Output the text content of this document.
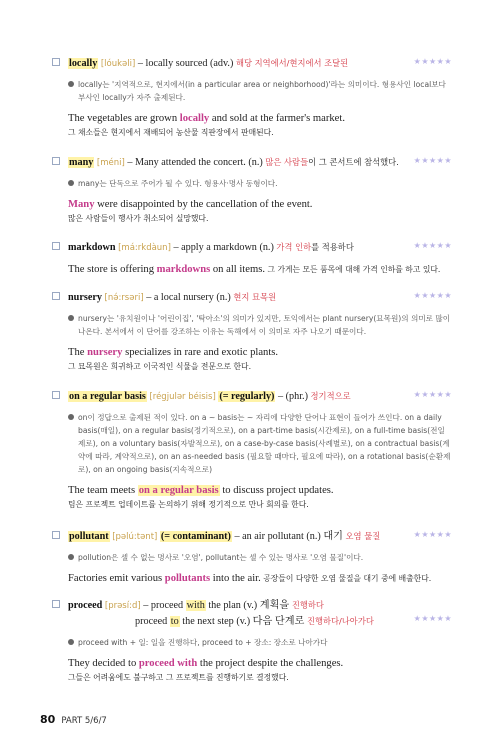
locally [lóukəli] – locally sourced (adv.) 해당 지역에서/현지에서 조달된	★★★★★
locally는 '지역적으로, 현지에서(in a particular area or neighborhood)'라는 의미이다. 형용사인 local보다 부사인 locally가 자주 출제된다.
The vegetables are grown locally and sold at the farmer's market.
그 채소들은 현지에서 재배되어 농산물 직판장에서 판매된다.
many [méni] – Many attended the concert. (n.) 많은 사람들이 그 콘서트에 참석했다.	★★★★★
many는 단독으로 주어가 될 수 있다. 형용사·명사 동형이다.
Many were disappointed by the cancellation of the event.
많은 사람들이 행사가 취소되어 실망했다.
markdown [má:rkdàun] – apply a markdown (n.) 가격 인하를 적용하다	★★★★★
The store is offering markdowns on all items. 그 가게는 모든 품목에 대해 가격 인하를 하고 있다.
nursery [nə́:rsəri] – a local nursery (n.) 현지 묘목원	★★★★★
nursery는 '유치원이나 '어린이집', '탁아소'의 의미가 있지만, 토익에서는 plant nursery(묘목원)의 의미로 많이 나온다. 본서에서 이 단어를 강조하는 이유는 독해에서 이 의미로 자주 나오기 때문이다.
The nursery specializes in rare and exotic plants.
그 묘목원은 희귀하고 이국적인 식물을 전문으로 한다.
on a regular basis [régjulər béisis] (= regularly) – (phr.) 정기적으로	★★★★★
on이 정답으로 출제된 적이 있다. on a ~ basis는 ~ 자리에 다양한 단어나 표현이 들어가 쓰인다. on a daily basis(매일), on a regular basis(정기적으로), on a part-time basis(시간제로), on a full-time basis(전일제로), on a voluntary basis(자발적으로), on a case-by-case basis(사례별로), on a contractual basis(계약에 따라, 계약적으로), on an as-needed basis (필요할 때마다, 필요에 따라), on a rotational basis(순환제로), on an ongoing basis(지속적으로)
The team meets on a regular basis to discuss project updates.
팀은 프로젝트 업데이트를 논의하기 위해 정기적으로 만나 회의를 한다.
pollutant [pəlú:tənt] (= contaminant) – an air pollutant (n.) 대기 오염 물질	★★★★★
pollution은 셀 수 없는 명사로 '오염', pollutant는 셀 수 있는 명사로 '오염 물질'이다.
Factories emit various pollutants into the air. 공장들이 다양한 오염 물질을 대기 중에 배출한다.
proceed [prəsí:d] – proceed with the plan (v.) 계획을 진행하다
proceed to the next step (v.) 다음 단계로 진행하다/나아가다	★★★★★
proceed with + 일: 일을 진행하다, proceed to + 장소: 장소로 나아가다
They decided to proceed with the project despite the challenges.
그들은 어려움에도 불구하고 그 프로젝트를 진행하기로 결정했다.
80 PART 5/6/7
